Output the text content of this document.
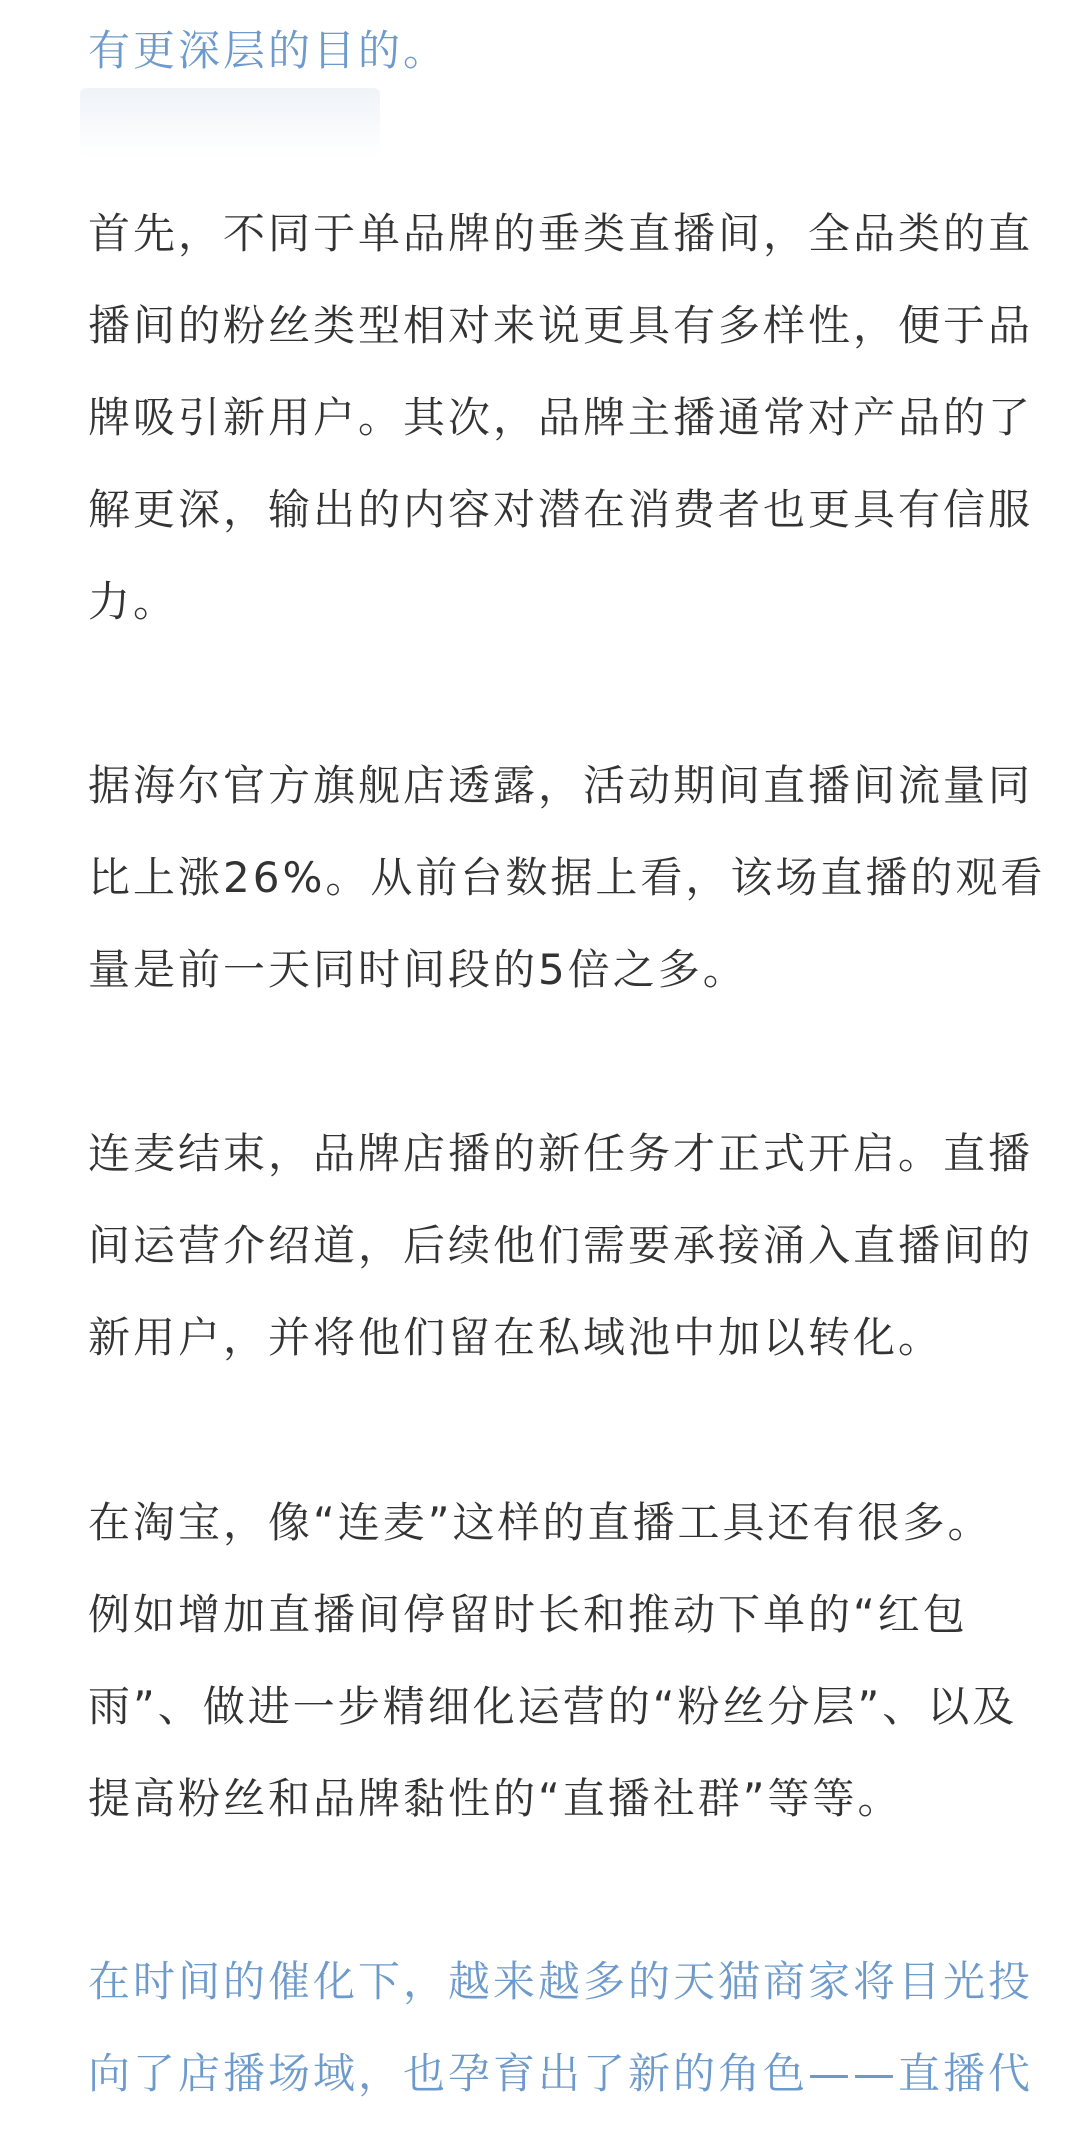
有更深层的目的。

首先，不同于单品牌的垂类直播间，全品类的直
播间的粉丝类型相对来说更具有多样性，便于品
牌吸引新用户。其次，品牌主播通常对产品的了
解更深，输出的内容对潜在消费者也更具有信服
力。

据海尔官方旗舰店透露，活动期间直播间流量同
比上涨26%。从前台数据上看，该场直播的观看
量是前一天同时间段的5倍之多。

连麦结束，品牌店播的新任务才正式开启。直播
间运营介绍道，后续他们需要承接涌入直播间的
新用户，并将他们留在私域池中加以转化。

在淘宝，像“连麦”这样的直播工具还有很多。
例如增加直播间停留时长和推动下单的“红包
雨”、做进一步精细化运营的“粉丝分层”、以及
提高粉丝和品牌黏性的“直播社群”等等。

在时间的催化下，越来越多的天猫商家将目光投
向了店播场域，也孕育出了新的角色——直播代
